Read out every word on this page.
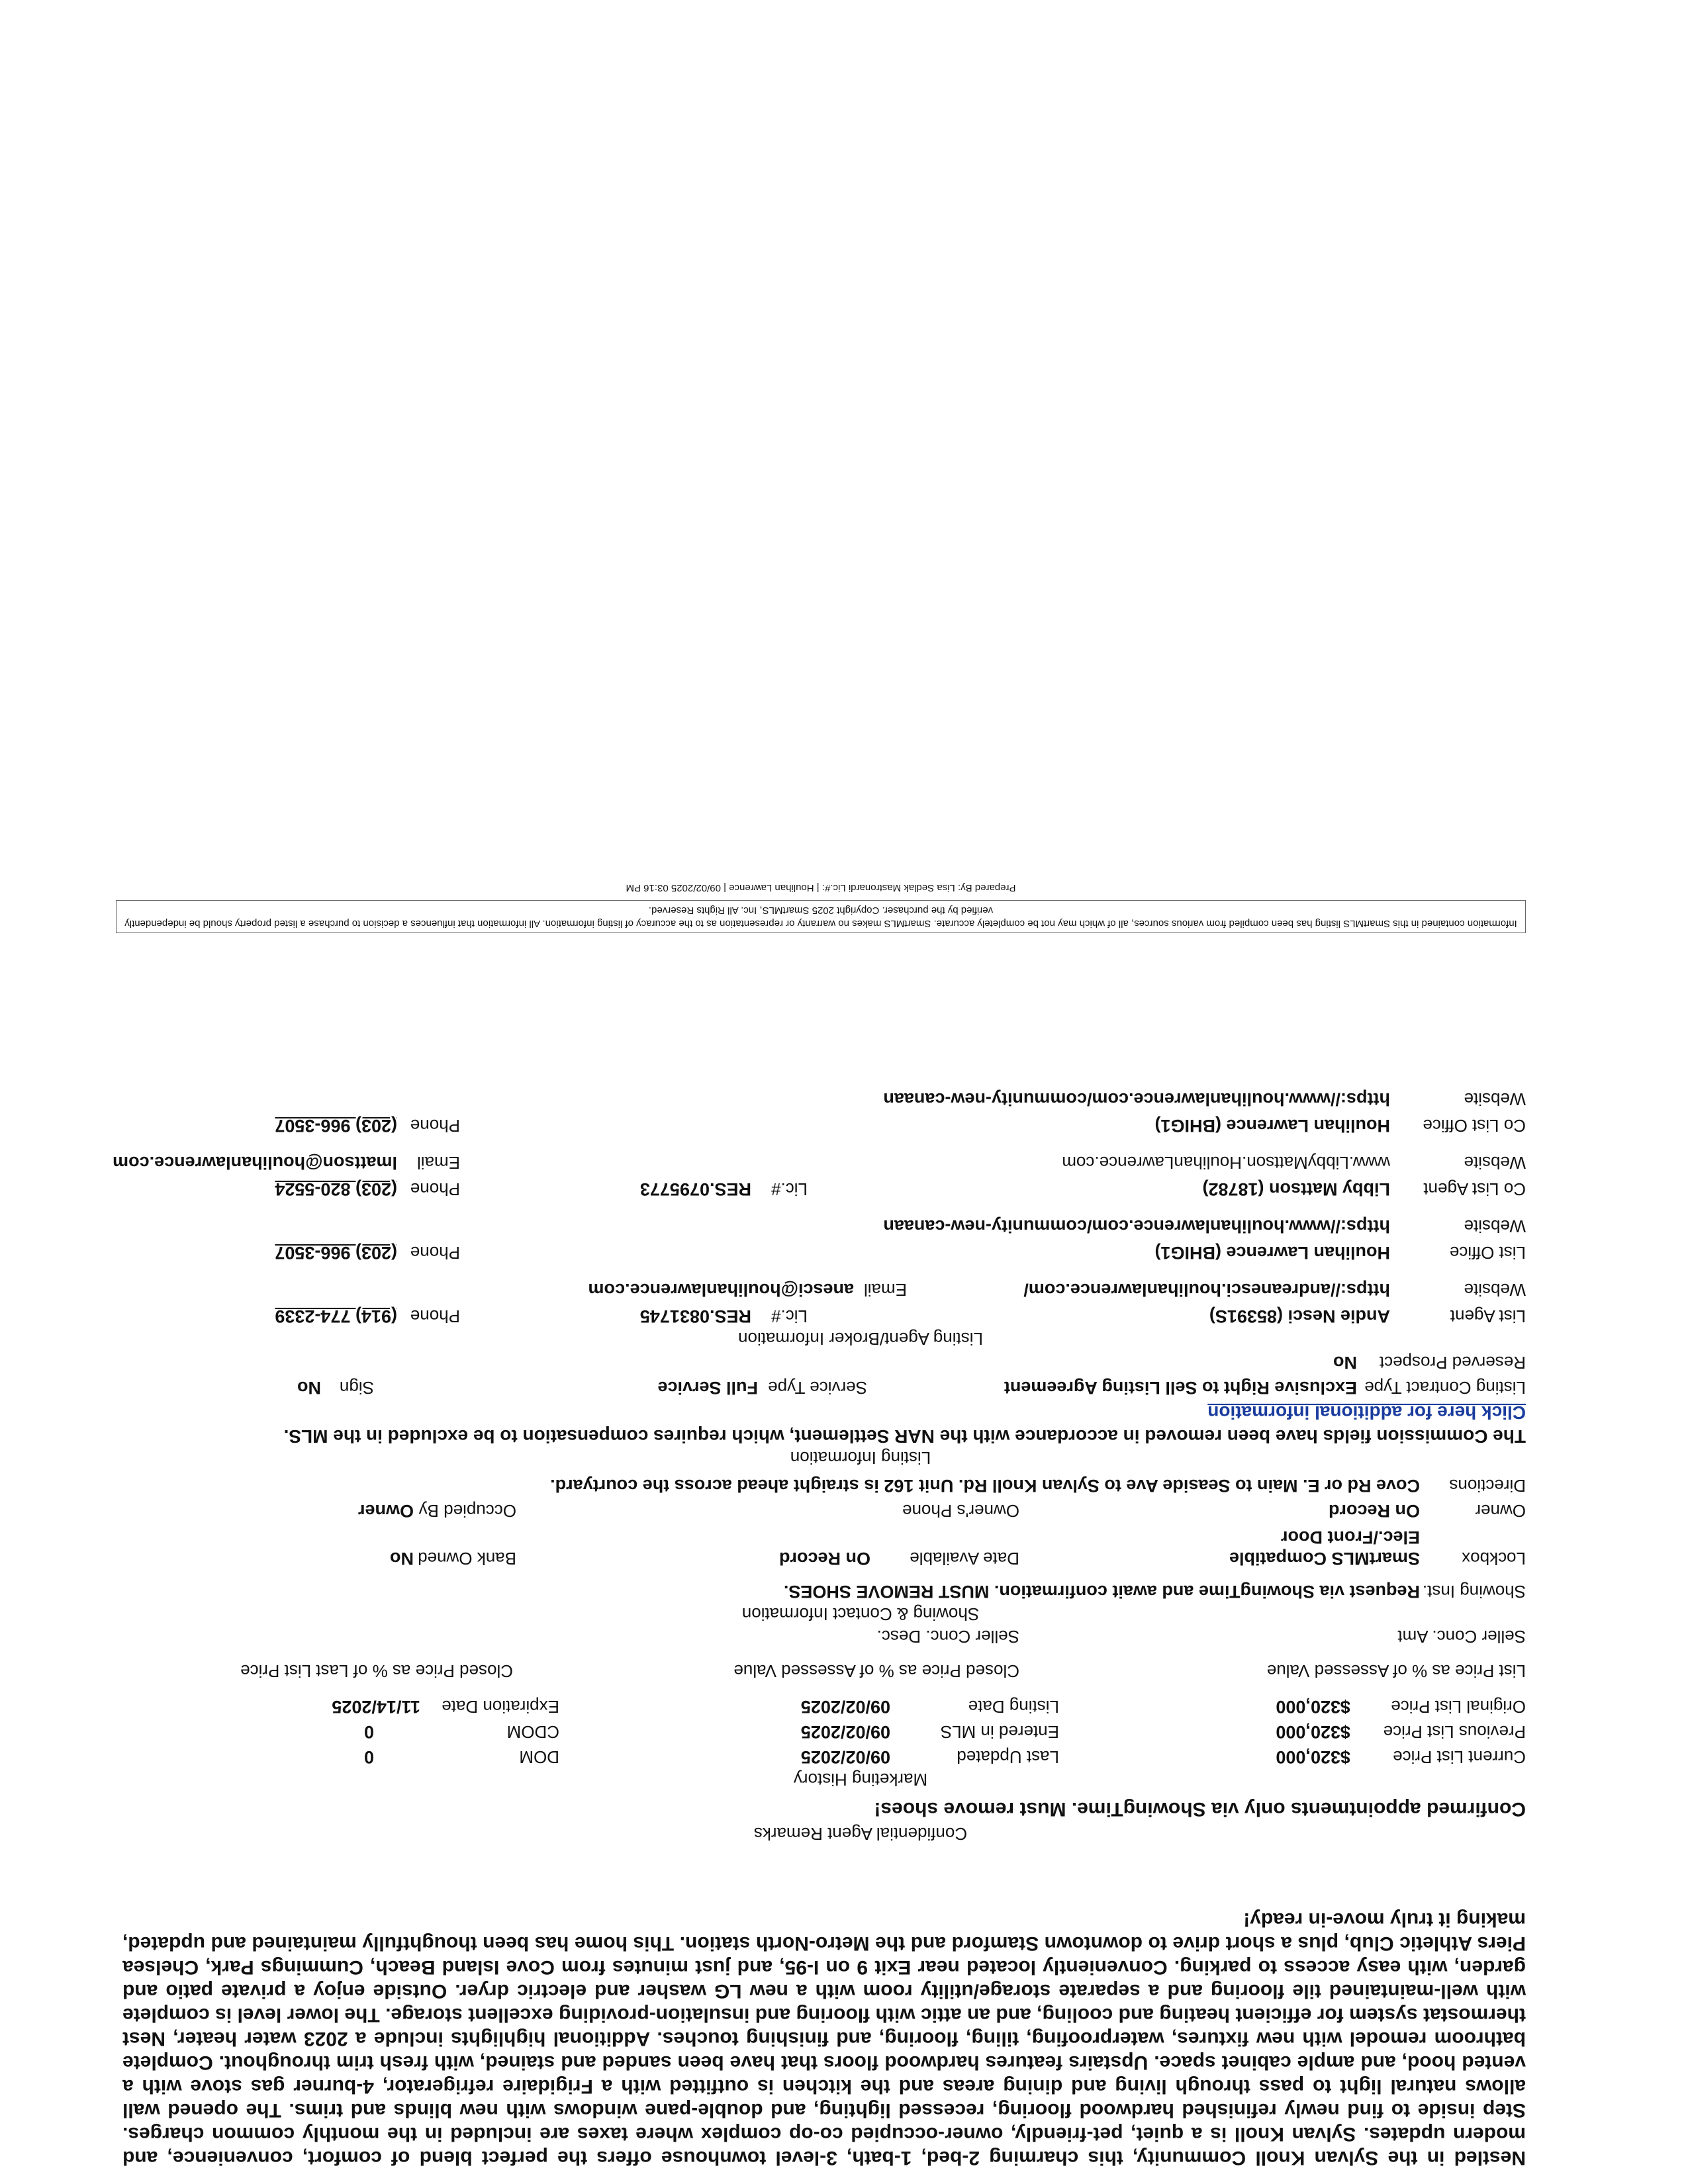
Nestled in the Sylvan Knoll Community, this charming 2-bed, 1-bath, 3-level townhouse offers the perfect blend of comfort, convenience, and modern updates. Sylvan Knoll is a quiet, pet-friendly, owner-occupied co-op complex where taxes are included in the monthly common charges. Step inside to find newly refinished hardwood flooring, recessed lighting, and double-pane windows with new blinds and trims. The opened wall allows natural light to pass through living and dining areas and the kitchen is outfitted with a Frigidaire refrigerator, 4-burner gas stove with a vented hood, and ample cabinet space. Upstairs features hardwood floors that have been sanded and stained, with fresh trim throughout. Complete bathroom remodel with new fixtures, waterproofing, tiling, flooring, and finishing touches. Additional highlights include a 2023 water heater, Nest thermostat system for efficient heating and cooling, and an attic with flooring and insulation-providing excellent storage. The lower level is complete with well-maintained tile flooring and a separate storage/utility room with a new LG washer and electric dryer. Outside enjoy a private patio and garden, with easy access to parking. Conveniently located near Exit 9 on I-95, and just minutes from Cove Island Beach, Cummings Park, Chelsea Piers Athletic Club, plus a short drive to downtown Stamford and the Metro-North station. This home has been thoughtfully maintained and updated, making it truly move-in ready!
Confidential Agent Remarks
Confirmed appointments only via ShowingTime. Must remove shoes!
Marketing History
Current List Price
$320,000
Last Updated
09/02/2025
DOM
0
Previous List Price
$320,000
Entered in MLS
09/02/2025
CDOM
0
Original List Price
$320,000
Listing Date
09/02/2025
Expiration Date
11/14/2025
List Price as % of Assessed Value
Closed Price as % of Assessed Value
Closed Price as % of Last List Price
Seller Conc. Amt
Seller Conc. Desc.
Showing & Contact Information
Showing Inst.
Request via ShowingTime and await confirmation. MUST REMOVE SHOES.
Lockbox
SmartMLS Compatible
Elec./Front Door
Date Available
On Record
Bank Owned
No
Owner
On Record
Owner's Phone
Occupied By
Owner
Directions
Cove Rd or E. Main to Seaside Ave to Sylvan Knoll Rd. Unit 162 is straight ahead across the courtyard.
Listing Information
The Commission fields have been removed in accordance with the NAR Settlement, which requires compensation to be excluded in the MLS.
Click here for additional information
Listing Contract Type
Exclusive Right to Sell Listing Agreement
Service Type
Full Service
Sign
No
Reserved Prospect
No
Listing Agent/Broker Information
List Agent
Andie Nesci (85391S)
Lic.#
RES.0831745
Phone
(914) 774-2339
Website
https://andreanesci.houlihanlawrence.com/
Email
anesci@houlihanlawrence.com
List Office
Houlihan Lawrence (BHIG1)
Phone
(203) 966-3507
Website
https://www.houlihanlawrence.com/community-new-canaan
Co List Agent
Libby Mattson (18782)
Lic.#
RES.0795773
Phone
(203) 820-5524
Website
www.LibbyMattson.HoulihanLawrence.com
Email
lmattson@houlihanlawrence.com
Co List Office
Houlihan Lawrence (BHIG1)
Phone
(203) 966-3507
Website
https://www.houlihanlawrence.com/community-new-canaan
Information contained in this SmartMLS listing has been compiled from various sources, all of which may not be completely accurate. SmartMLS makes no warranty or representation as to the accuracy of listing information. All information that influences a decision to purchase a listed property should be independently verified by the purchaser. Copyright 2025 SmartMLS, Inc. All Rights Reserved.
Prepared By: Lisa Sedlak Mastronardi Lic.#: | Houlihan Lawrence | 09/02/2025 03:16 PM
